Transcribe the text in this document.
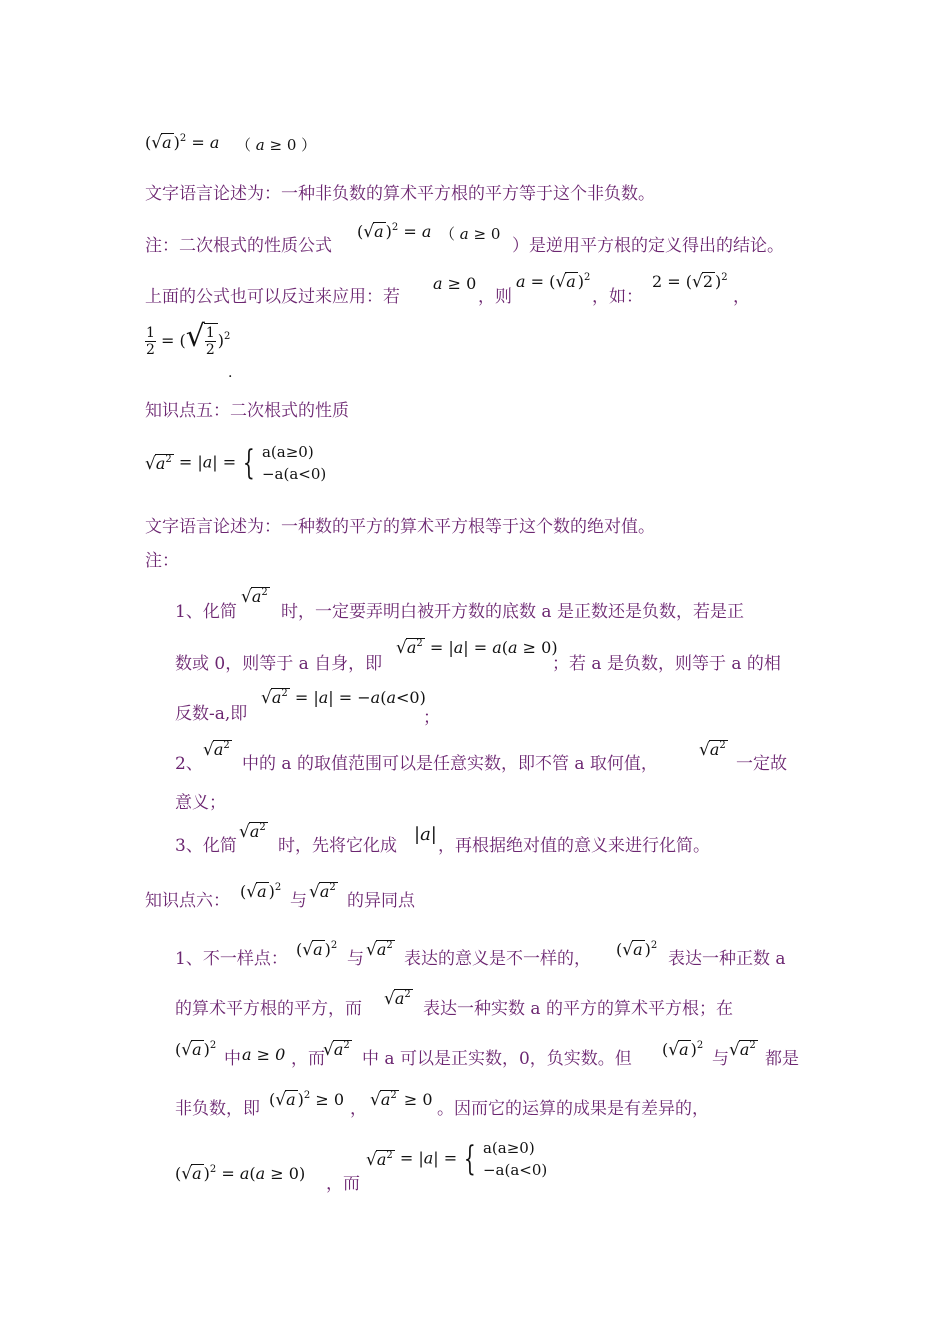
(√a )$^2$ = a （ a ≥ 0 ）
文字语言论述为：一种非负数的算术平方根的平方等于这个非负数。
注：二次根式的性质公式
(√a )$^2$ = a （ a ≥ 0
）是逆用平方根的定义得出的结论。
上面的公式也可以反过来应用：若
a ≥ 0
，则
a = (√a )$^2$
，如：
2 = (√2 )$^2$
，
$\frac{1}{2}$ = (√ $\frac{1}{2} )^2$
.
知识点五：二次根式的性质
$√a^2 = |a|$ = { a(a≥0)
−a(a<0)
文字语言论述为：一种数的平方的算术平方根等于这个数的绝对值。
注：
1、化简
$√a^2$
时，一定要弄明白被开方数的底数 a 是正数还是负数，若是正
数或 0，则等于 a 自身，即
$√a^2 = |a| = a(a \ge 0)$
；若 a 是负数，则等于 a 的相
反数-a,即
$√a^2 = |a| = -a(a<0)$
；
2、
$√a^2$
中的 a 的取值范围可以是任意实数，即不管 a 取何值，
$√a^2$
一定故
意义；
3、化简
$√a^2$
时，先将它化成
|a|
，再根据绝对值的意义来进行化简。
知识点六： (√a )$^2$
与 $√a^2$
的异同点
1、不一样点： (√a )$^2$
与 $√a^2$
表达的意义是不一样的， (√a )$^2$
表达一种正数 a
的算术平方根的平方，而 $√a^2$
表达一种实数 a 的平方的算术平方根；在
(√a )$^2$
中 a ≥ 0 ，而
$√a^2$
中 a 可以是正实数，0，负实数。但 (√a )$^2$
与 $√a^2$
都是
非负数，即 (√a )$^2$ ≥ 0 ， $√a^2 \ge 0$ 。因而它的运算的成果是有差异的，
(√a )$^2$ = a(a ≥ 0)
，而
$√a^2 = |a|$ = { a(a≥0)
−a(a<0)
